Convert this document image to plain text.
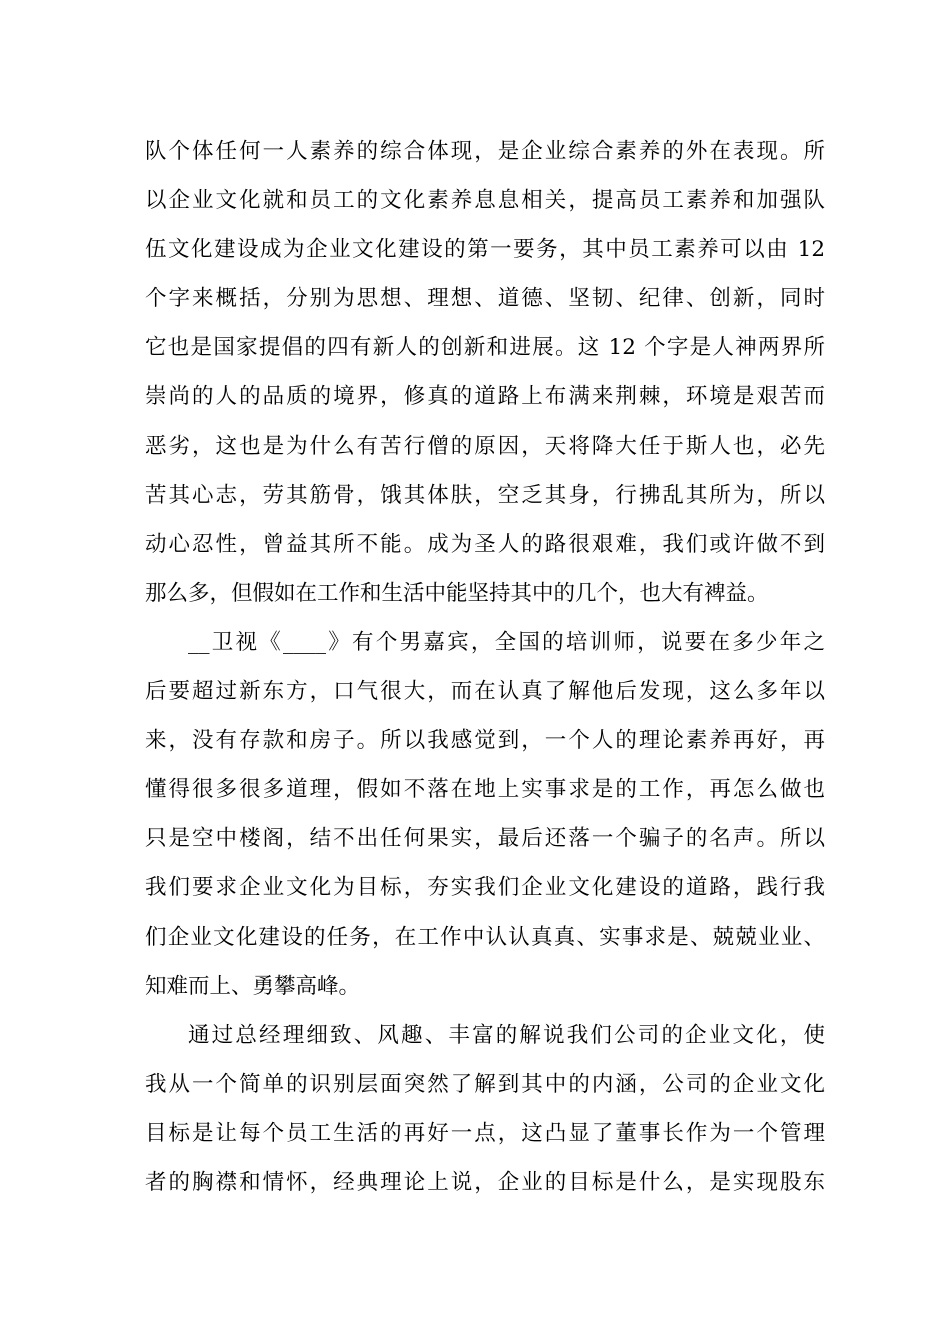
队个体任何一人素养的综合体现，是企业综合素养的外在表现。所
以企业文化就和员工的文化素养息息相关，提高员工素养和加强队
伍文化建设成为企业文化建设的第一要务，其中员工素养可以由 12
个字来概括，分别为思想、理想、道德、坚韧、纪律、创新，同时
它也是国家提倡的四有新人的创新和进展。这 12 个字是人神两界所
崇尚的人的品质的境界，修真的道路上布满来荆棘，环境是艰苦而
恶劣，这也是为什么有苦行僧的原因，天将降大任于斯人也，必先
苦其心志，劳其筋骨，饿其体肤，空乏其身，行拂乱其所为，所以
动心忍性，曾益其所不能。成为圣人的路很艰难，我们或许做不到
那么多，但假如在工作和生活中能坚持其中的几个，也大有裨益。
__卫视《____》有个男嘉宾，全国的培训师，说要在多少年之
后要超过新东方，口气很大，而在认真了解他后发现，这么多年以
来，没有存款和房子。所以我感觉到，一个人的理论素养再好，再
懂得很多很多道理，假如不落在地上实事求是的工作，再怎么做也
只是空中楼阁，结不出任何果实，最后还落一个骗子的名声。所以
我们要求企业文化为目标，夯实我们企业文化建设的道路，践行我
们企业文化建设的任务，在工作中认认真真、实事求是、兢兢业业、
知难而上、勇攀高峰。
通过总经理细致、风趣、丰富的解说我们公司的企业文化，使
我从一个简单的识别层面突然了解到其中的内涵，公司的企业文化
目标是让每个员工生活的再好一点，这凸显了董事长作为一个管理
者的胸襟和情怀，经典理论上说，企业的目标是什么，是实现股东
